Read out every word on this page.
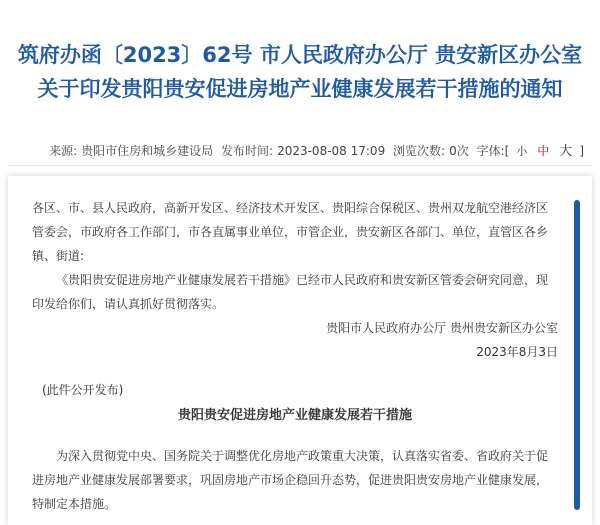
筑府办函〔2023〕62号 市人民政府办公厅 贵安新区办公室关于印发贵阳贵安促进房地产业健康发展若干措施的通知
来源: 贵阳市住房和城乡建设局 发布时间: 2023-08-08 17:09 浏览次数: 0次 字体:[ 小 中 大 ]

各区、市、县人民政府，高新开发区、经济技术开发区、贵阳综合保税区、贵州双龙航空港经济区管委会，市政府各工作部门，市各直属事业单位，市管企业，贵安新区各部门、单位，直管区各乡镇、街道:

《贵阳贵安促进房地产业健康发展若干措施》已经市人民政府和贵安新区管委会研究同意，现印发给你们，请认真抓好贯彻落实。

贵阳市人民政府办公厅 贵州贵安新区办公室

2023年8月3日

(此件公开发布)

贵阳贵安促进房地产业健康发展若干措施

为深入贯彻党中央、国务院关于调整优化房地产政策重大决策，认真落实省委、省政府关于促进房地产业健康发展部署要求，巩固房地产市场企稳回升态势，促进贵阳贵安房地产业健康发展，特制定本措施。
